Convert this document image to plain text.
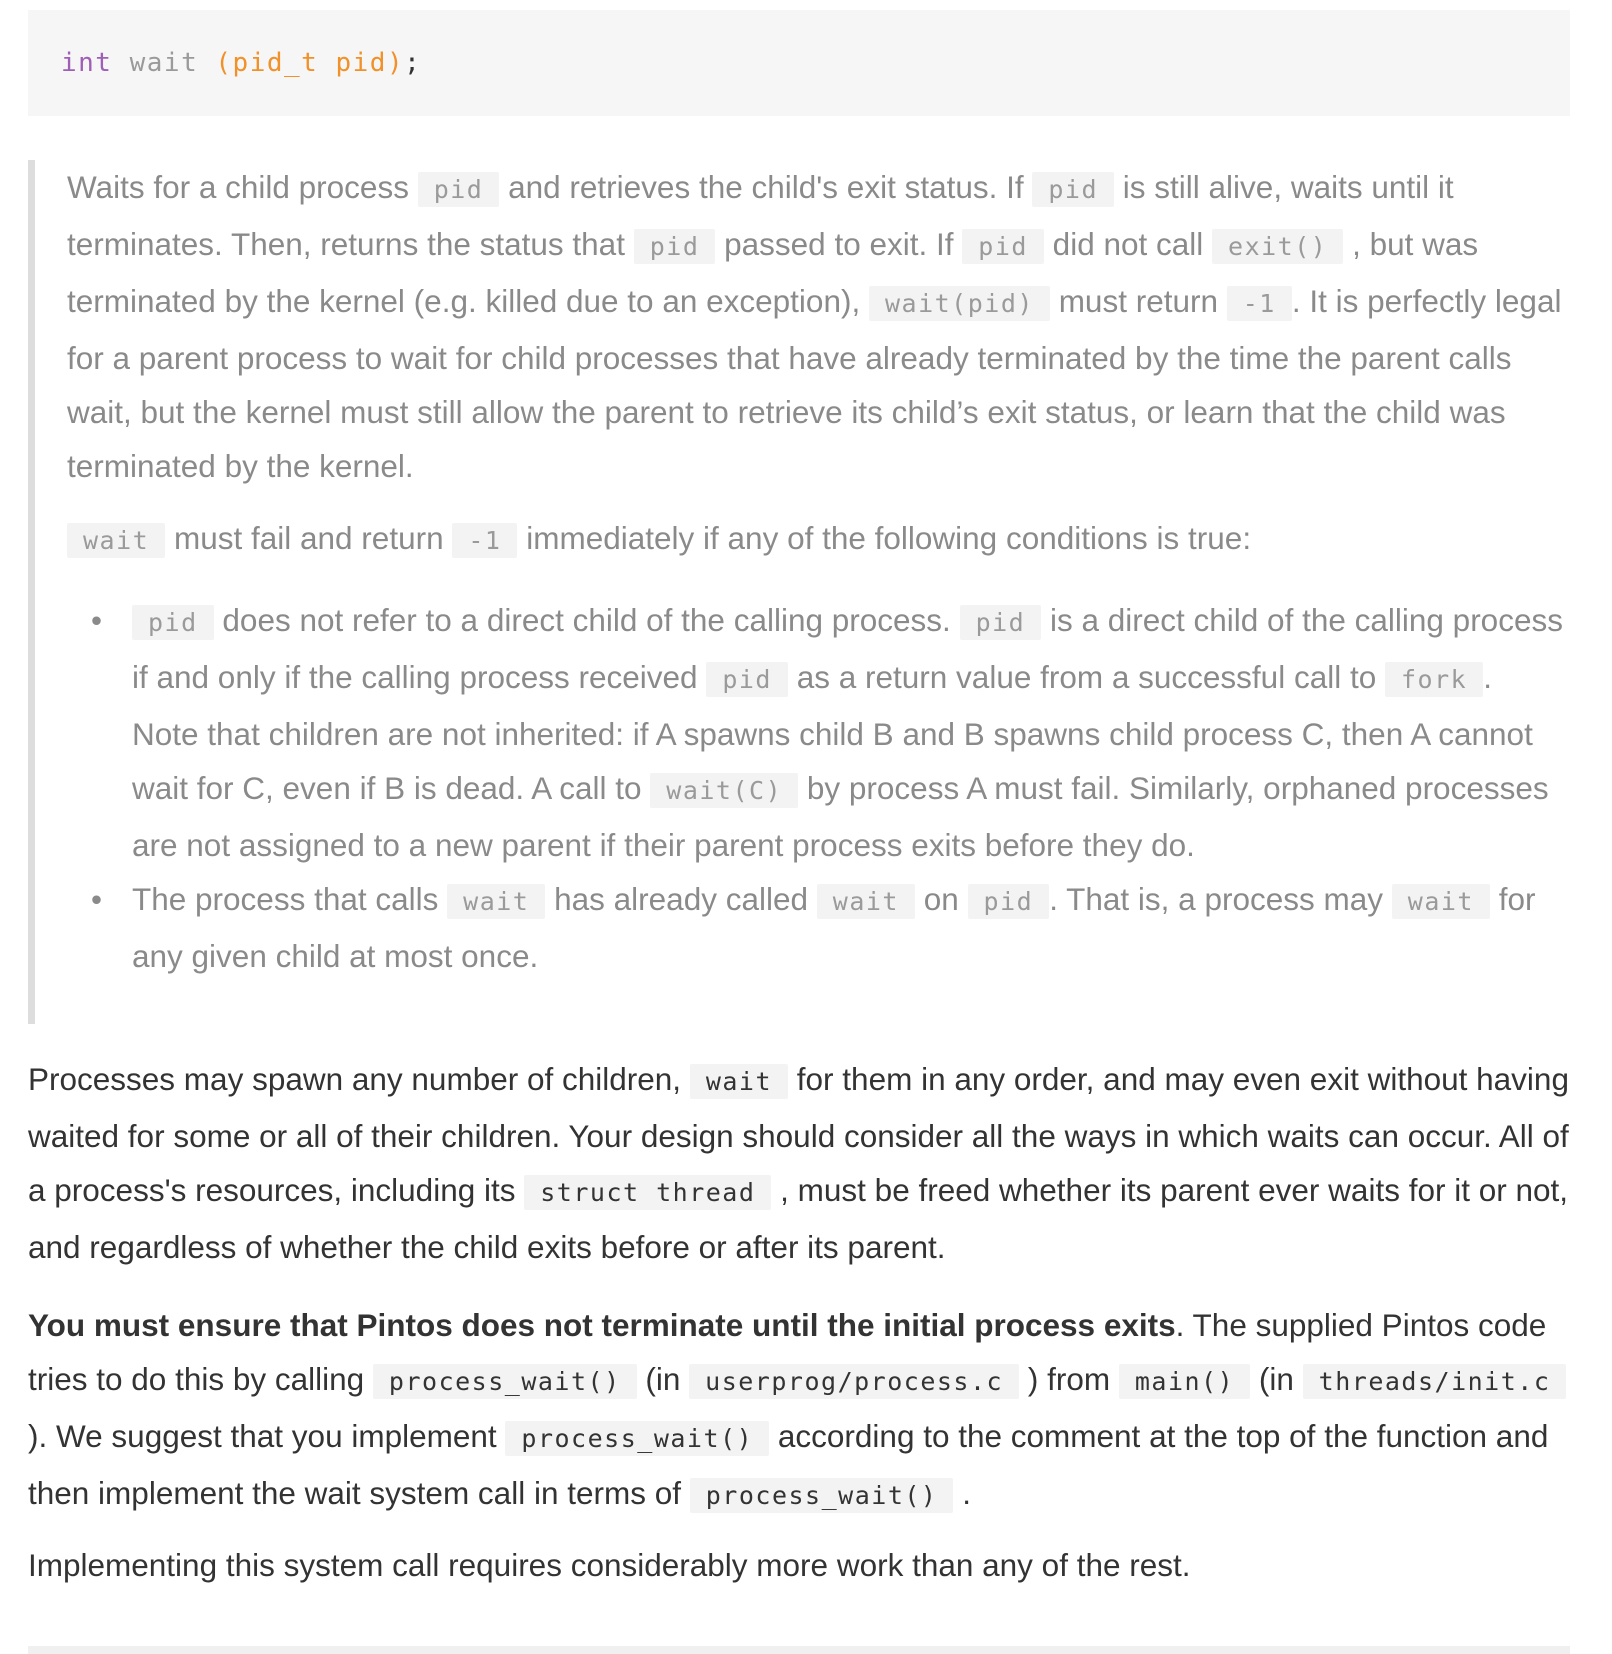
int wait (pid_t pid);

Waits for a child process pid and retrieves the child's exit status. If pid is still alive, waits until it terminates. Then, returns the status that pid passed to exit. If pid did not call exit() , but was terminated by the kernel (e.g. killed due to an exception), wait(pid) must return -1 . It is perfectly legal for a parent process to wait for child processes that have already terminated by the time the parent calls wait, but the kernel must still allow the parent to retrieve its child’s exit status, or learn that the child was terminated by the kernel.

wait must fail and return -1 immediately if any of the following conditions is true:

• pid does not refer to a direct child of the calling process. pid is a direct child of the calling process if and only if the calling process received pid as a return value from a successful call to fork . Note that children are not inherited: if A spawns child B and B spawns child process C, then A cannot wait for C, even if B is dead. A call to wait(C) by process A must fail. Similarly, orphaned processes are not assigned to a new parent if their parent process exits before they do.
• The process that calls wait has already called wait on pid . That is, a process may wait for any given child at most once.

Processes may spawn any number of children, wait for them in any order, and may even exit without having waited for some or all of their children. Your design should consider all the ways in which waits can occur. All of a process's resources, including its struct thread , must be freed whether its parent ever waits for it or not, and regardless of whether the child exits before or after its parent.

You must ensure that Pintos does not terminate until the initial process exits. The supplied Pintos code tries to do this by calling process_wait() (in userprog/process.c ) from main() (in threads/init.c ). We suggest that you implement process_wait() according to the comment at the top of the function and then implement the wait system call in terms of process_wait() .

Implementing this system call requires considerably more work than any of the rest.
